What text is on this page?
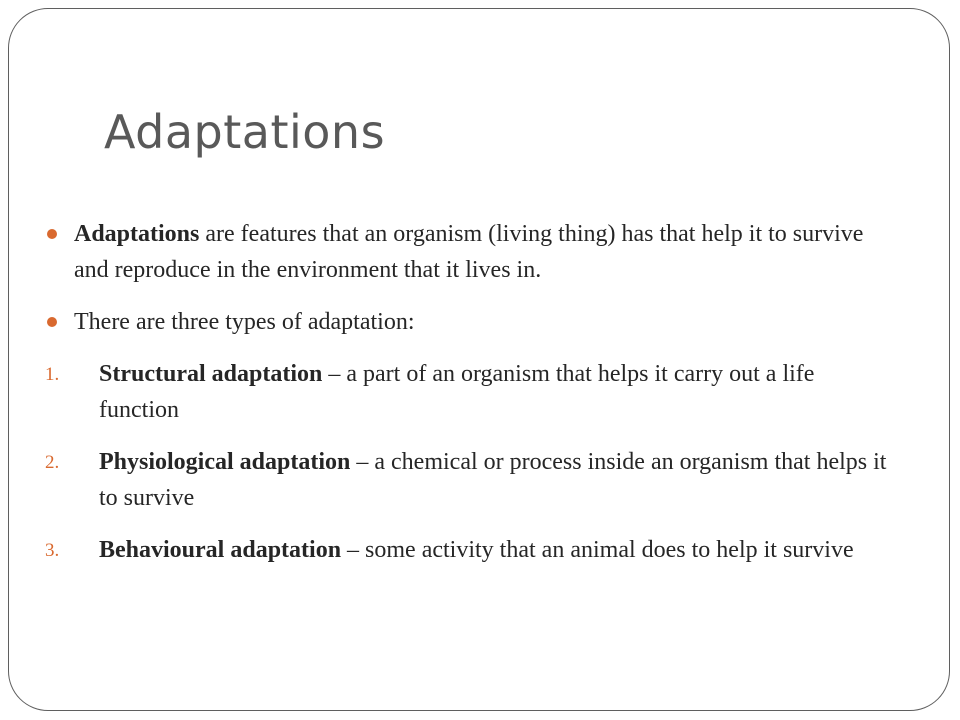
Adaptations
Adaptations are features that an organism (living thing) has that help it to survive and reproduce in the environment that it lives in.
There are three types of adaptation:
1. Structural adaptation – a part of an organism that helps it carry out a life function
2. Physiological adaptation – a chemical or process inside an organism that helps it to survive
3. Behavioural adaptation – some activity that an animal does to help it survive
